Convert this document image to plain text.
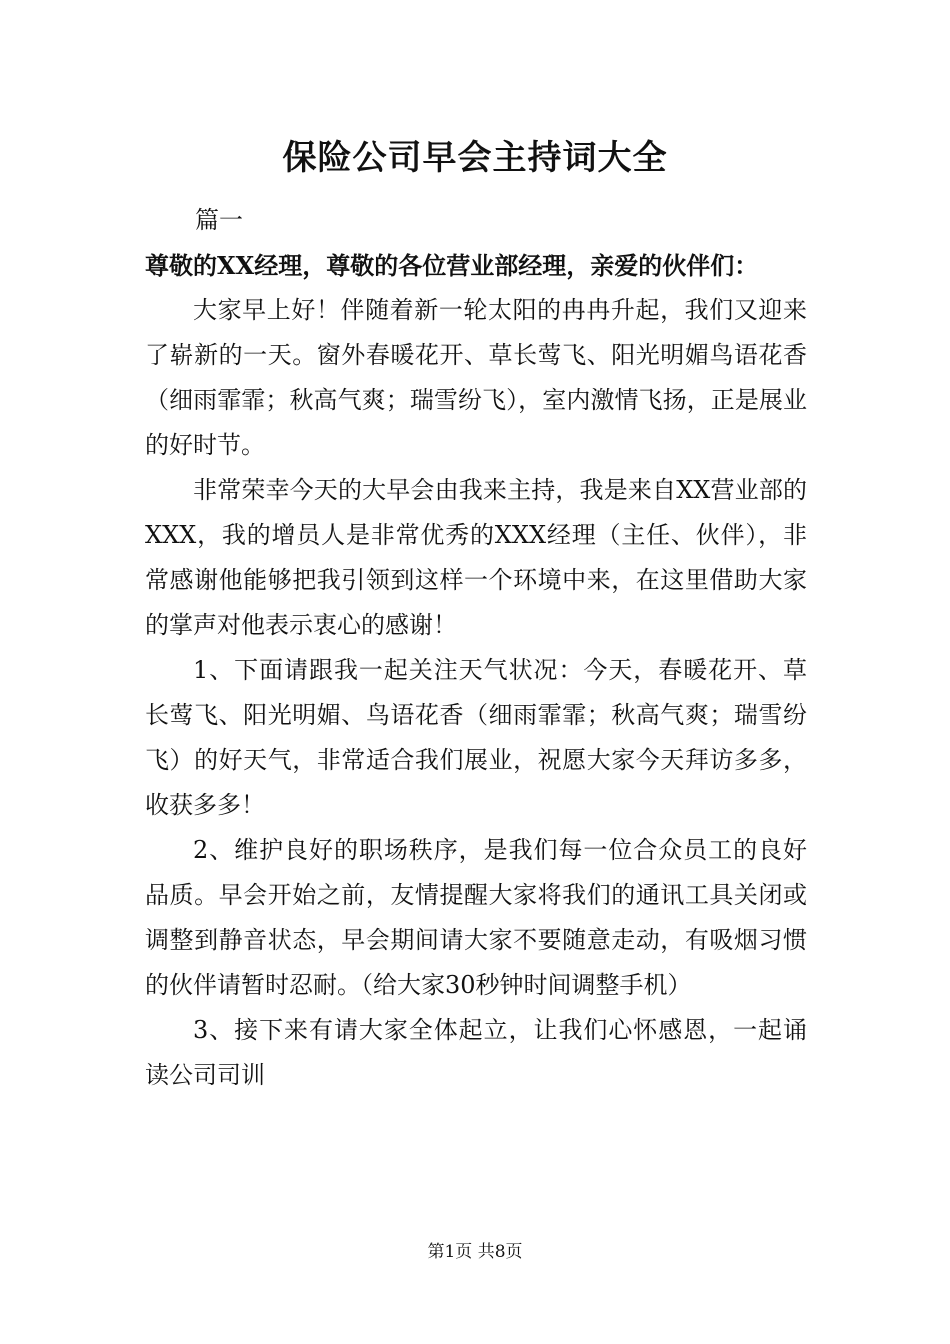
保险公司早会主持词大全

篇一

尊敬的XX经理，尊敬的各位营业部经理，亲爱的伙伴们：

大家早上好！伴随着新一轮太阳的冉冉升起，我们又迎来了崭新的一天。窗外春暖花开、草长莺飞、阳光明媚鸟语花香（细雨霏霏；秋高气爽；瑞雪纷飞），室内激情飞扬，正是展业的好时节。

非常荣幸今天的大早会由我来主持，我是来自XX营业部的XXX，我的增员人是非常优秀的XXX经理（主任、伙伴），非常感谢他能够把我引领到这样一个环境中来，在这里借助大家的掌声对他表示衷心的感谢！

1、下面请跟我一起关注天气状况：今天，春暖花开、草长莺飞、阳光明媚、鸟语花香（细雨霏霏；秋高气爽；瑞雪纷飞）的好天气，非常适合我们展业，祝愿大家今天拜访多多，收获多多！

2、维护良好的职场秩序，是我们每一位合众员工的良好品质。早会开始之前，友情提醒大家将我们的通讯工具关闭或调整到静音状态，早会期间请大家不要随意走动，有吸烟习惯的伙伴请暂时忍耐。（给大家30秒钟时间调整手机）

3、接下来有请大家全体起立，让我们心怀感恩，一起诵读公司司训

第1页 共8页
